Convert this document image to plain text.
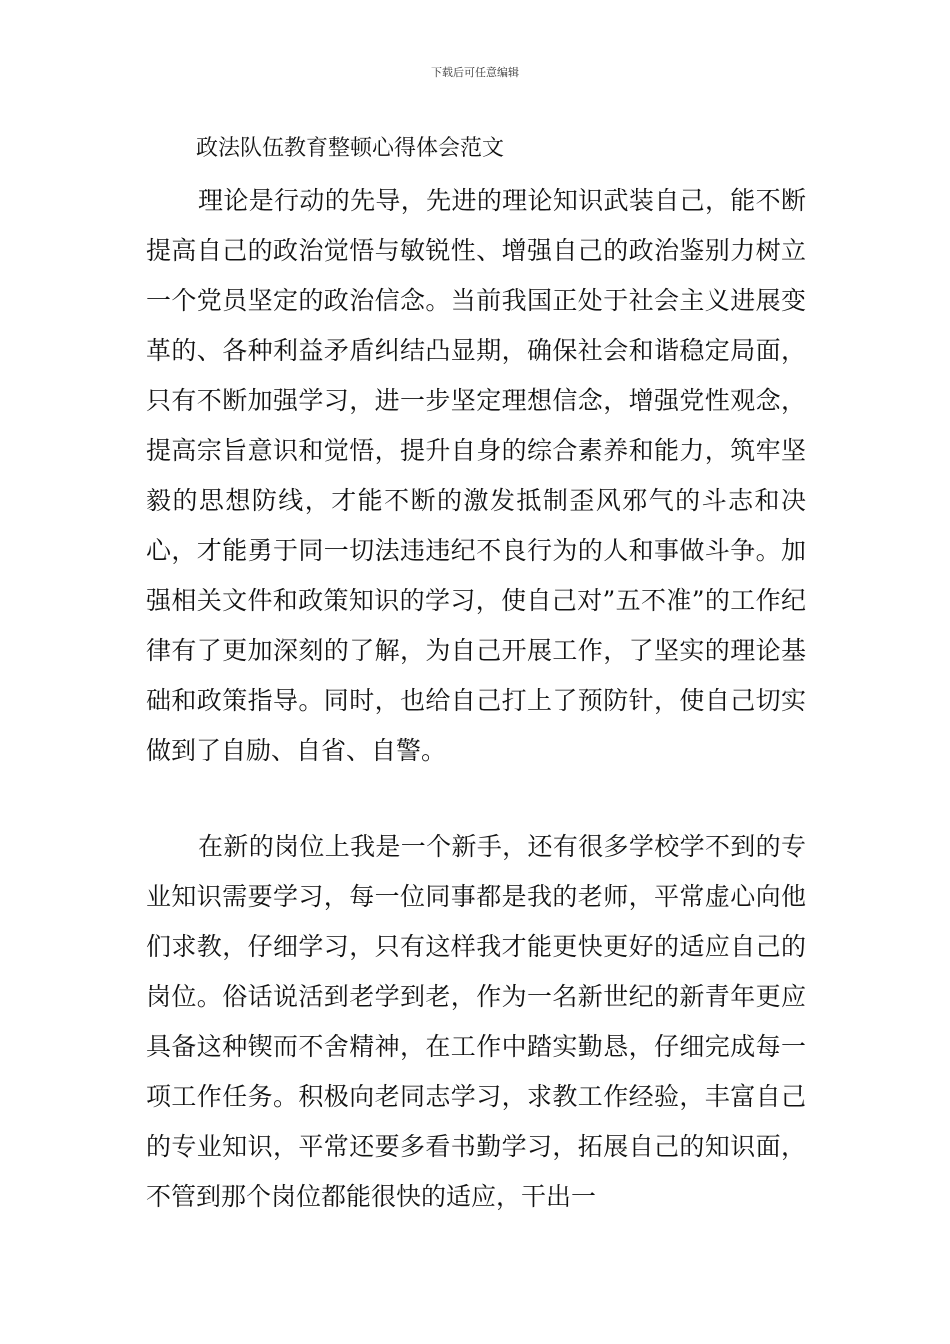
下载后可任意编辑
政法队伍教育整顿心得体会范文

理论是行动的先导，先进的理论知识武装自己，能不断提高自己的政治觉悟与敏锐性、增强自己的政治鉴别力树立一个党员坚定的政治信念。当前我国正处于社会主义进展变革的、各种利益矛盾纠结凸显期，确保社会和谐稳定局面，只有不断加强学习，进一步坚定理想信念，增强党性观念，提高宗旨意识和觉悟，提升自身的综合素养和能力，筑牢坚毅的思想防线，才能不断的激发抵制歪风邪气的斗志和决心，才能勇于同一切法违违纪不良行为的人和事做斗争。加强相关文件和政策知识的学习，使自己对”五不准”的工作纪律有了更加深刻的了解，为自己开展工作，了坚实的理论基础和政策指导。同时，也给自己打上了预防针，使自己切实做到了自励、自省、自警。

在新的岗位上我是一个新手，还有很多学校学不到的专业知识需要学习，每一位同事都是我的老师，平常虚心向他们求教，仔细学习，只有这样我才能更快更好的适应自己的岗位。俗话说活到老学到老，作为一名新世纪的新青年更应具备这种锲而不舍精神，在工作中踏实勤恳，仔细完成每一项工作任务。积极向老同志学习，求教工作经验，丰富自己的专业知识，平常还要多看书勤学习，拓展自己的知识面，不管到那个岗位都能很快的适应，干出一
